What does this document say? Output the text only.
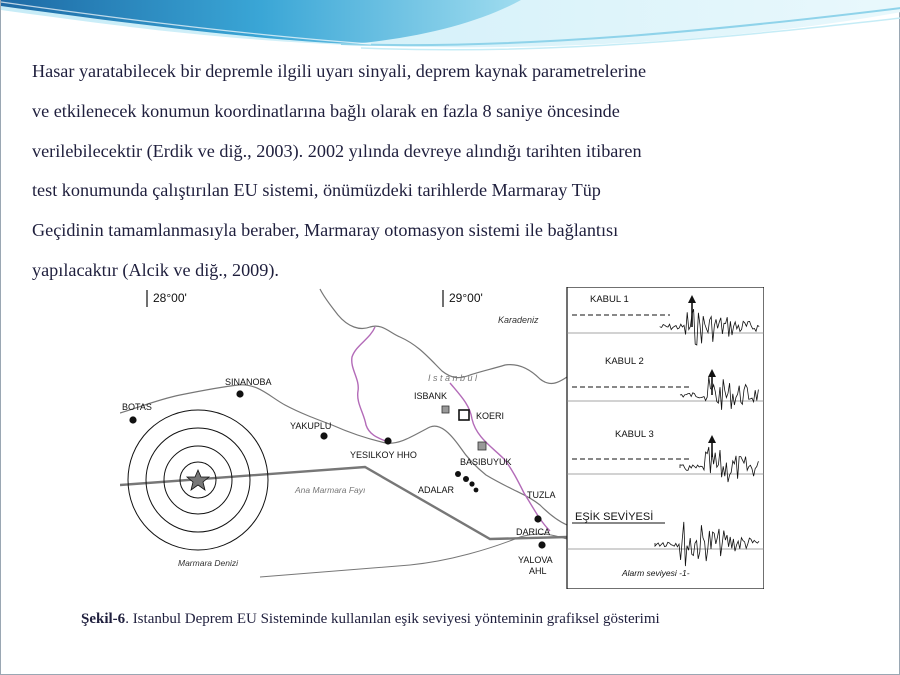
Hasar yaratabilecek bir depremle ilgili uyarı sinyali, deprem kaynak parametrelerine
ve etkilenecek konumun koordinatlarına bağlı olarak en fazla 8 saniye öncesinde
verilebilecektir (Erdik ve diğ., 2003). 2002 yılında devreye alındığı tarihten itibaren
test konumunda çalıştırılan EU sistemi, önümüzdeki tarihlerde Marmaray Tüp
Geçidinin tamamlanmasıyla beraber, Marmaray otomasyon sistemi ile bağlantısı
yapılacaktır (Alcik ve diğ., 2009).

28°00'	29°00'
Karadeniz
I s t a n b u l
Ana Marmara Fayı
Marmara Denizi
SINANOBA
BOTAS
YAKUPLU
ISBANK
KOERI
YESILKOY HHO
BASIBUYUK
ADALAR	TUZLA
DARICA
YALOVA
AHL
KABUL 1
KABUL 2
KABUL 3
EŞİK SEVİYESİ
Alarm seviyesi -1-
Şekil-6. Istanbul Deprem EU Sisteminde kullanılan eşik seviyesi yönteminin grafiksel gösterimi
